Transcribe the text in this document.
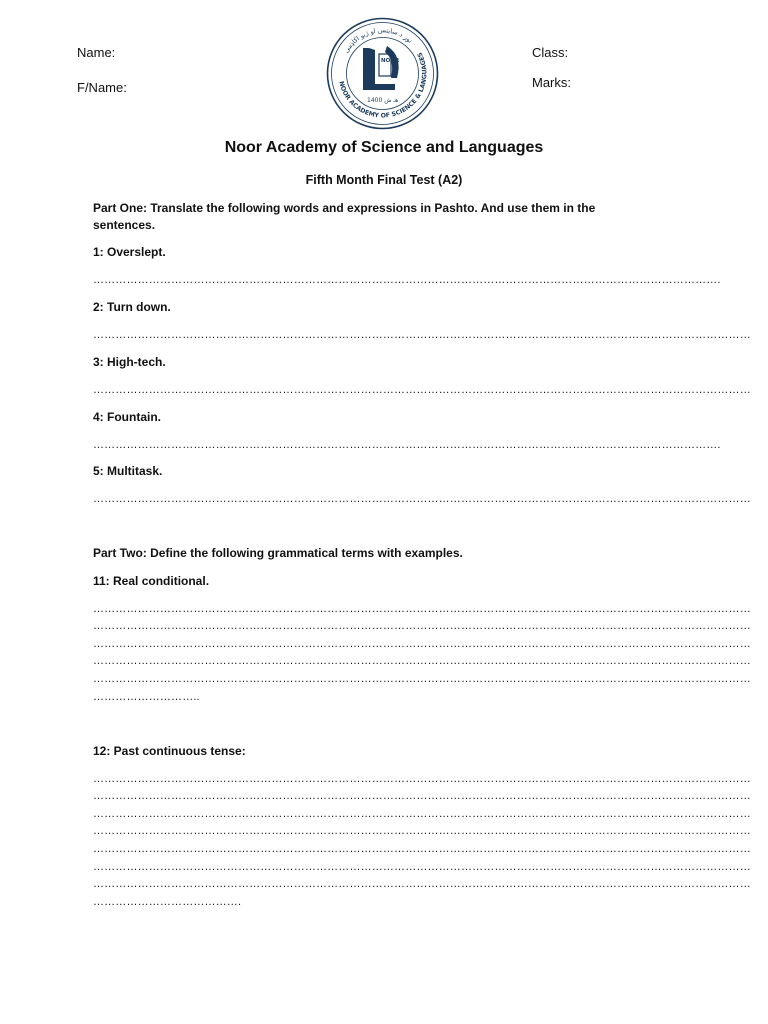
Name:
F/Name:
Class:
Marks:
NOOR ACADEMY OF SCIENCE & LANGUAGES
نور د ساینس او ژبو اکاډمی
NOOR
1400 هـ ش
Noor Academy of Science and Languages
Fifth Month Final Test (A2)
Part One: Translate the following words and expressions in Pashto. And use them in the sentences.
1: Overslept.
…………………………………………………………………………………………………………………………………………………….
2: Turn down.
……………………………………………………………………………………………………………………………………………………………
3: High-tech.
……………………………………………………………………………………………………………………………………………………………
4: Fountain.
…………………………………………………………………………………………………………………………………………………….
5: Multitask.
……………………………………………………………………………………………………………………………………………………………
Part Two: Define the following grammatical terms with examples.
11: Real conditional.
……………………………………………………………………………………………………………………………………………………………
……………………………………………………………………………………………………………………………………………………………
……………………………………………………………………………………………………………………………………………………………
……………………………………………………………………………………………………………………………………………………………
……………………………………………………………………………………………………………………………………………………………
………………………..
12: Past continuous tense:
……………………………………………………………………………………………………………………………………………………………
……………………………………………………………………………………………………………………………………………………………
……………………………………………………………………………………………………………………………………………………………
……………………………………………………………………………………………………………………………………………………………
……………………………………………………………………………………………………………………………………………………………
……………………………………………………………………………………………………………………………………………………………
……………………………………………………………………………………………………………………………………………………………
………………………………….
